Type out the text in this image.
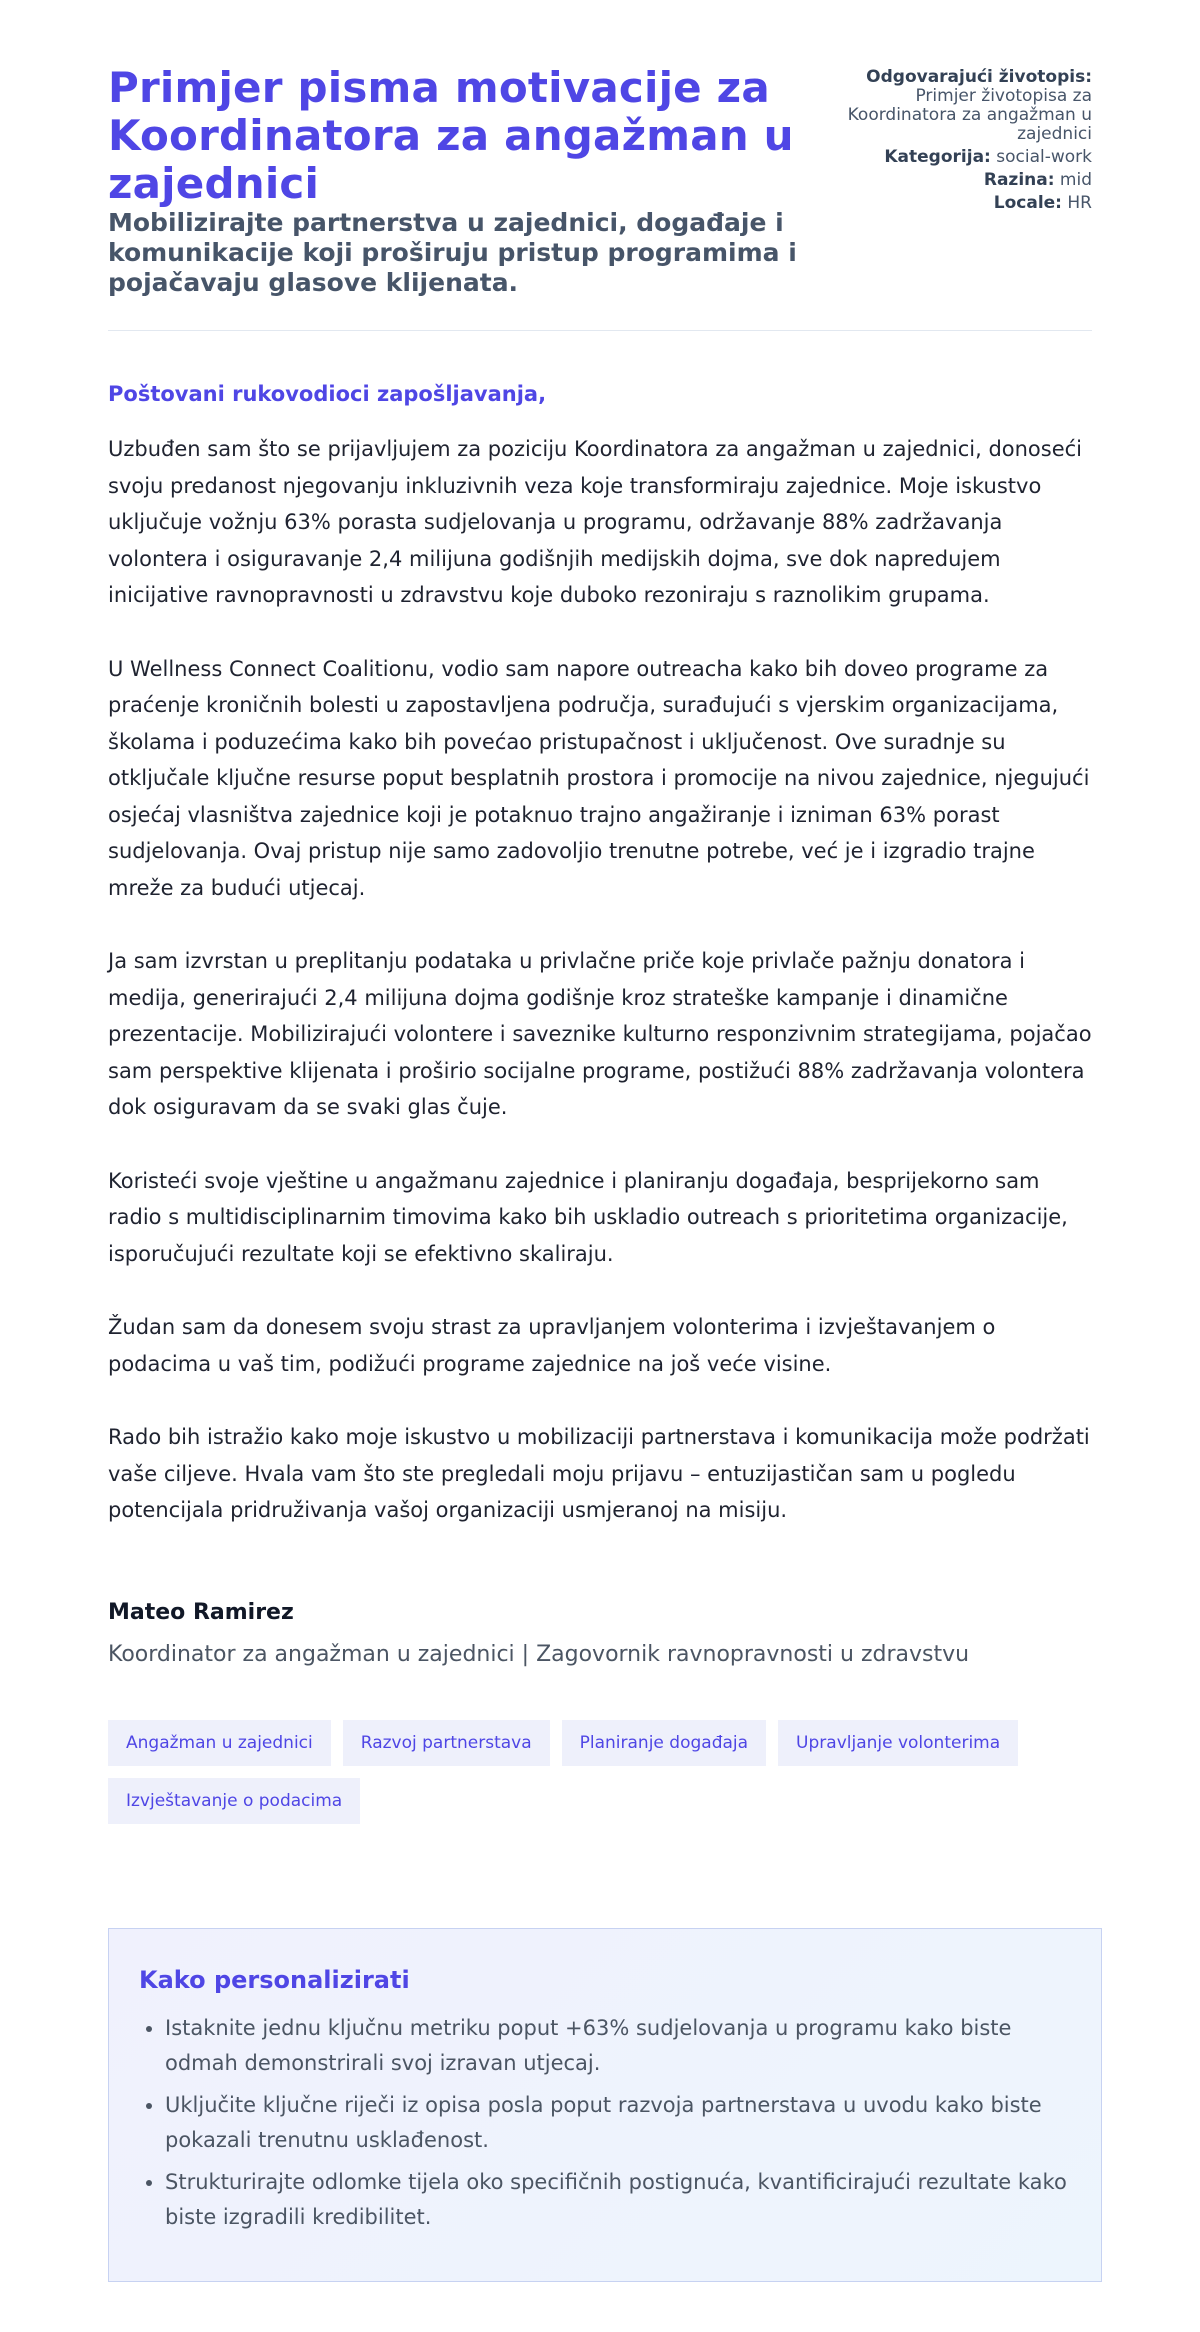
Primjer pisma motivacije za Koordinatora za angažman u zajednici
Mobilizirajte partnerstva u zajednici, događaje i komunikacije koji proširuju pristup programima i pojačavaju glasove klijenata.
Odgovarajući životopis:
Primjer životopisa za Koordinatora za angažman u zajednici
Kategorija: social-work
Razina: mid
Locale: HR

Poštovani rukovodioci zapošljavanja,

Uzbuđen sam što se prijavljujem za poziciju Koordinatora za angažman u zajednici, donoseći svoju predanost njegovanju inkluzivnih veza koje transformiraju zajednice. Moje iskustvo uključuje vožnju 63% porasta sudjelovanja u programu, održavanje 88% zadržavanja volontera i osiguravanje 2,4 milijuna godišnjih medijskih dojma, sve dok napredujem inicijative ravnopravnosti u zdravstvu koje duboko rezoniraju s raznolikim grupama.

U Wellness Connect Coalitionu, vodio sam napore outreacha kako bih doveo programe za praćenje kroničnih bolesti u zapostavljena područja, surađujući s vjerskim organizacijama, školama i poduzećima kako bih povećao pristupačnost i uključenost. Ove suradnje su otključale ključne resurse poput besplatnih prostora i promocije na nivou zajednice, njegujući osjećaj vlasništva zajednice koji je potaknuo trajno angažiranje i izniman 63% porast sudjelovanja. Ovaj pristup nije samo zadovoljio trenutne potrebe, već je i izgradio trajne mreže za budući utjecaj.

Ja sam izvrstan u preplitanju podataka u privlačne priče koje privlače pažnju donatora i medija, generirajući 2,4 milijuna dojma godišnje kroz strateške kampanje i dinamične prezentacije. Mobilizirajući volontere i saveznike kulturno responzivnim strategijama, pojačao sam perspektive klijenata i proširio socijalne programe, postižući 88% zadržavanja volontera dok osiguravam da se svaki glas čuje.

Koristeći svoje vještine u angažmanu zajednice i planiranju događaja, besprijekorno sam radio s multidisciplinarnim timovima kako bih uskladio outreach s prioritetima organizacije, isporučujući rezultate koji se efektivno skaliraju.

Žudan sam da donesem svoju strast za upravljanjem volonterima i izvještavanjem o podacima u vaš tim, podižući programe zajednice na još veće visine.

Rado bih istražio kako moje iskustvo u mobilizaciji partnerstava i komunikacija može podržati vaše ciljeve. Hvala vam što ste pregledali moju prijavu – entuzijastičan sam u pogledu potencijala pridruživanja vašoj organizaciji usmjeranoj na misiju.

Mateo Ramirez
Koordinator za angažman u zajednici | Zagovornik ravnopravnosti u zdravstvu
Angažman u zajednici	Razvoj partnerstava	Planiranje događaja	Upravljanje volonterima
Izvještavanje o podacima
Kako personalizirati
• Istaknite jednu ključnu metriku poput +63% sudjelovanja u programu kako biste odmah demonstrirali svoj izravan utjecaj.
• Uključite ključne riječi iz opisa posla poput razvoja partnerstava u uvodu kako biste pokazali trenutnu usklađenost.
• Strukturirajte odlomke tijela oko specifičnih postignuća, kvantificirajući rezultate kako biste izgradili kredibilitet.
